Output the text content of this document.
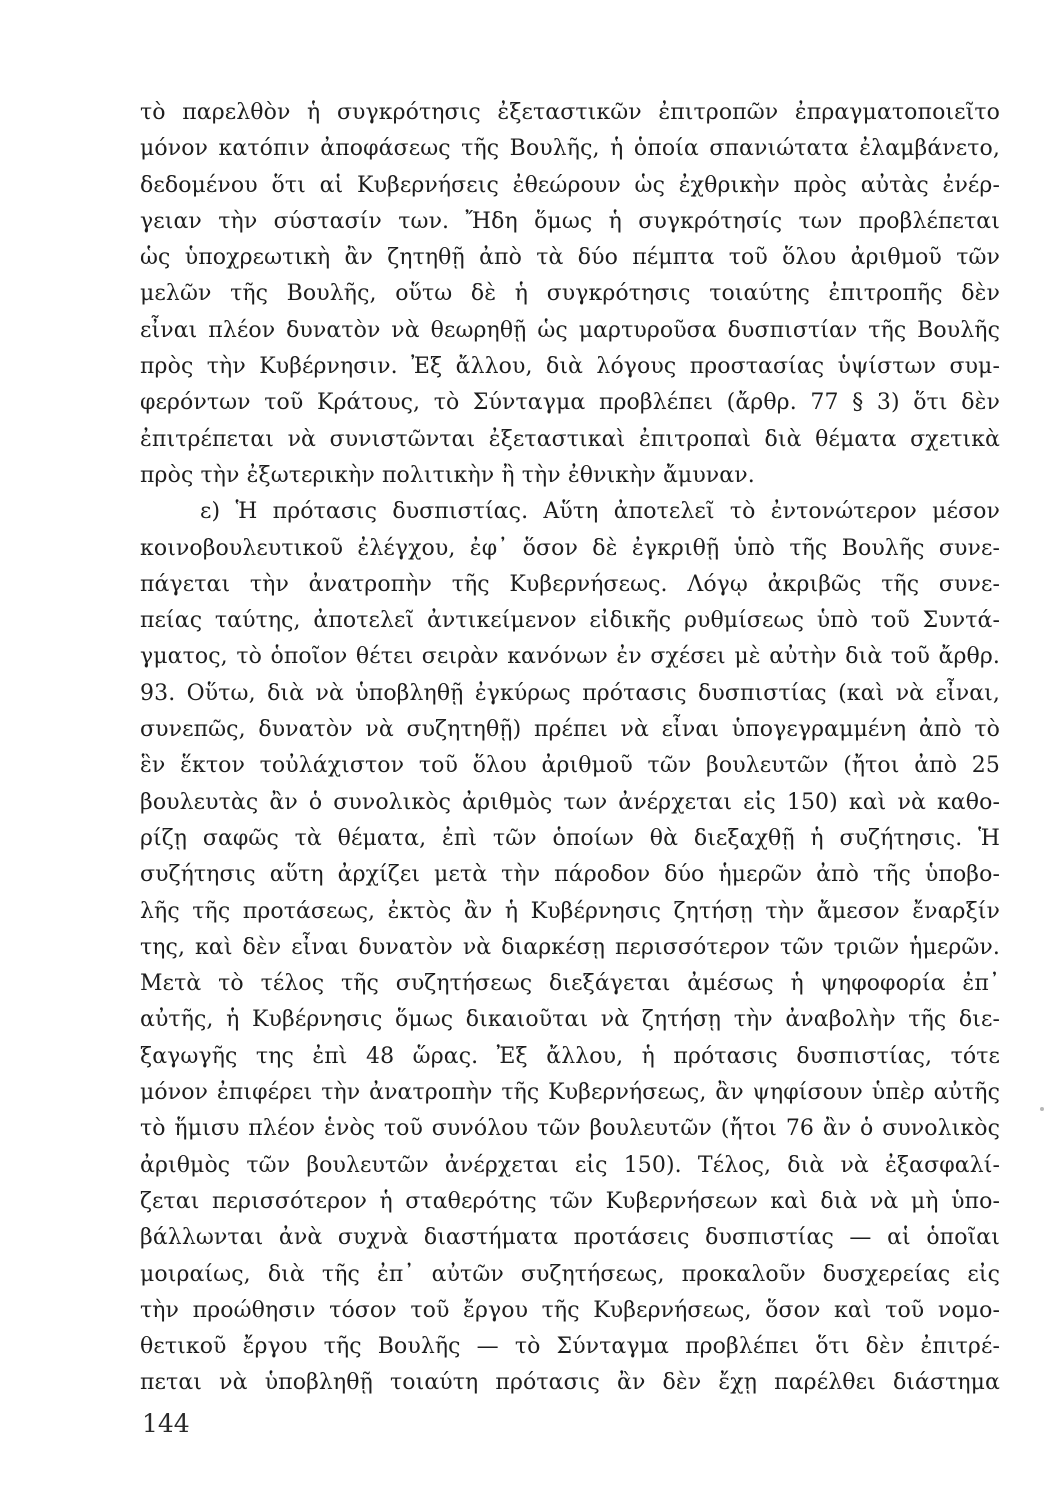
τὸ παρελθὸν ἡ συγκρότησις ἐξεταστικῶν ἐπιτροπῶν ἐπραγματοποιεῖτο
μόνον κατόπιν ἀποφάσεως τῆς Βουλῆς, ἡ ὁποία σπανιώτατα ἐλαμβάνετο,
δεδομένου ὅτι αἱ Κυβερνήσεις ἐθεώρουν ὡς ἐχθρικὴν πρὸς αὐτὰς ἐνέρ-
γειαν τὴν σύστασίν των. Ἤδη ὅμως ἡ συγκρότησίς των προβλέπεται
ὡς ὑποχρεωτικὴ ἂν ζητηθῇ ἀπὸ τὰ δύο πέμπτα τοῦ ὅλου ἀριθμοῦ τῶν
μελῶν τῆς Βουλῆς, οὕτω δὲ ἡ συγκρότησις τοιαύτης ἐπιτροπῆς δὲν
εἶναι πλέον δυνατὸν νὰ θεωρηθῇ ὡς μαρτυροῦσα δυσπιστίαν τῆς Βουλῆς
πρὸς τὴν Κυβέρνησιν. Ἐξ ἄλλου, διὰ λόγους προστασίας ὑψίστων συμ-
φερόντων τοῦ Κράτους, τὸ Σύνταγμα προβλέπει (ἄρθρ. 77 § 3) ὅτι δὲν
ἐπιτρέπεται νὰ συνιστῶνται ἐξεταστικαὶ ἐπιτροπαὶ διὰ θέματα σχετικὰ
πρὸς τὴν ἐξωτερικὴν πολιτικὴν ἢ τὴν ἐθνικὴν ἄμυναν.
ε) Ἡ πρότασις δυσπιστίας. Αὕτη ἀποτελεῖ τὸ ἐντονώτερον μέσον
κοινοβουλευτικοῦ ἐλέγχου, ἐφ᾽ ὅσον δὲ ἐγκριθῇ ὑπὸ τῆς Βουλῆς συνε-
πάγεται τὴν ἀνατροπὴν τῆς Κυβερνήσεως. Λόγῳ ἀκριβῶς τῆς συνε-
πείας ταύτης, ἀποτελεῖ ἀντικείμενον εἰδικῆς ρυθμίσεως ὑπὸ τοῦ Συντά-
γματος, τὸ ὁποῖον θέτει σειρὰν κανόνων ἐν σχέσει μὲ αὐτὴν διὰ τοῦ ἄρθρ.
93. Οὕτω, διὰ νὰ ὑποβληθῇ ἐγκύρως πρότασις δυσπιστίας (καὶ νὰ εἶναι,
συνεπῶς, δυνατὸν νὰ συζητηθῇ) πρέπει νὰ εἶναι ὑπογεγραμμένη ἀπὸ τὸ
ἓν ἕκτον τοὐλάχιστον τοῦ ὅλου ἀριθμοῦ τῶν βουλευτῶν (ἤτοι ἀπὸ 25
βουλευτὰς ἂν ὁ συνολικὸς ἀριθμὸς των ἀνέρχεται εἰς 150) καὶ νὰ καθο-
ρίζῃ σαφῶς τὰ θέματα, ἐπὶ τῶν ὁποίων θὰ διεξαχθῇ ἡ συζήτησις. Ἡ
συζήτησις αὕτη ἀρχίζει μετὰ τὴν πάροδον δύο ἡμερῶν ἀπὸ τῆς ὑποβο-
λῆς τῆς προτάσεως, ἐκτὸς ἂν ἡ Κυβέρνησις ζητήσῃ τὴν ἄμεσον ἔναρξίν
της, καὶ δὲν εἶναι δυνατὸν νὰ διαρκέσῃ περισσότερον τῶν τριῶν ἡμερῶν.
Μετὰ τὸ τέλος τῆς συζητήσεως διεξάγεται ἀμέσως ἡ ψηφοφορία ἐπ᾽
αὐτῆς, ἡ Κυβέρνησις ὅμως δικαιοῦται νὰ ζητήσῃ τὴν ἀναβολὴν τῆς διε-
ξαγωγῆς της ἐπὶ 48 ὥρας. Ἐξ ἄλλου, ἡ πρότασις δυσπιστίας, τότε
μόνον ἐπιφέρει τὴν ἀνατροπὴν τῆς Κυβερνήσεως, ἂν ψηφίσουν ὑπὲρ αὐτῆς
τὸ ἥμισυ πλέον ἑνὸς τοῦ συνόλου τῶν βουλευτῶν (ἤτοι 76 ἂν ὁ συνολικὸς
ἀριθμὸς τῶν βουλευτῶν ἀνέρχεται εἰς 150). Τέλος, διὰ νὰ ἐξασφαλί-
ζεται περισσότερον ἡ σταθερότης τῶν Κυβερνήσεων καὶ διὰ νὰ μὴ ὑπο-
βάλλωνται ἀνὰ συχνὰ διαστήματα προτάσεις δυσπιστίας — αἱ ὁποῖαι
μοιραίως, διὰ τῆς ἐπ᾽ αὐτῶν συζητήσεως, προκαλοῦν δυσχερείας εἰς
τὴν προώθησιν τόσον τοῦ ἔργου τῆς Κυβερνήσεως, ὅσον καὶ τοῦ νομο-
θετικοῦ ἔργου τῆς Βουλῆς — τὸ Σύνταγμα προβλέπει ὅτι δὲν ἐπιτρέ-
πεται νὰ ὑποβληθῇ τοιαύτη πρότασις ἂν δὲν ἔχῃ παρέλθει διάστημα
144
